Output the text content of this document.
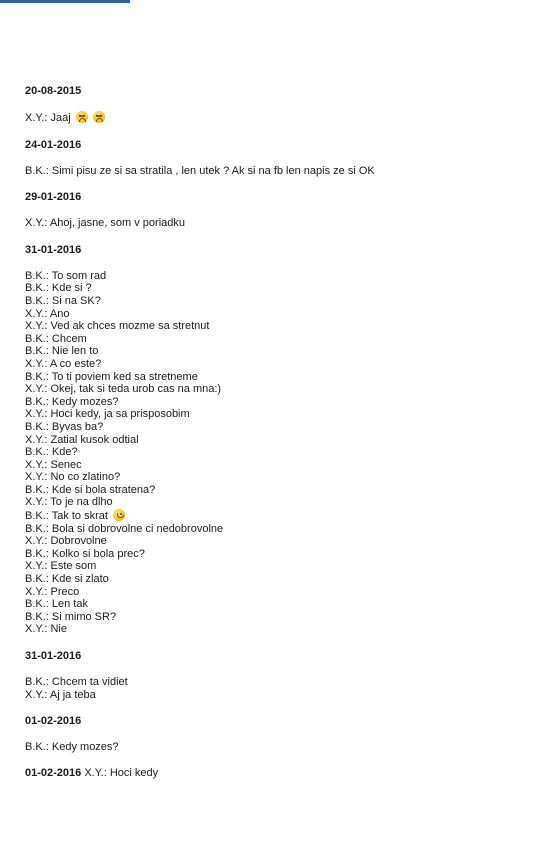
20-08-2015

X.Y.: Jaaj

24-01-2016

B.K.: Simi pisu ze si sa stratila , len utek ? Ak si na fb len napis ze si OK

29-01-2016

X.Y.: Ahoj, jasne, som v poriadku

31-01-2016

B.K.: To som rad

B.K.: Kde si ?

B.K.: Si na SK?

X.Y.: Ano

X.Y.: Ved ak chces mozme sa stretnut

B.K.: Chcem

B.K.: Nie len to

X.Y.: A co este?

B.K.: To ti poviem ked sa stretneme

X.Y.: Okej, tak si teda urob cas na mna:)

B.K.: Kedy mozes?

X.Y.: Hoci kedy, ja sa prisposobim

B.K.: Byvas ba?

X.Y.: Zatial kusok odtial

B.K.: Kde?

X.Y.: Senec

X.Y.: No co zlatino?

B.K.: Kde si bola stratena?

X.Y.: To je na dlho

B.K.: Tak to skrat

B.K.: Bola si dobrovolne ci nedobrovolne

X.Y.: Dobrovolne

B.K.: Kolko si bola prec?

X.Y.: Este som

B.K.: Kde si zlato

X.Y.: Preco

B.K.: Len tak

B.K.: Si mimo SR?

X.Y.: Nie

31-01-2016

B.K.: Chcem ta vidiet

X.Y.: Aj ja teba

01-02-2016

B.K.: Kedy mozes?

01-02-2016 X.Y.: Hoci kedy
